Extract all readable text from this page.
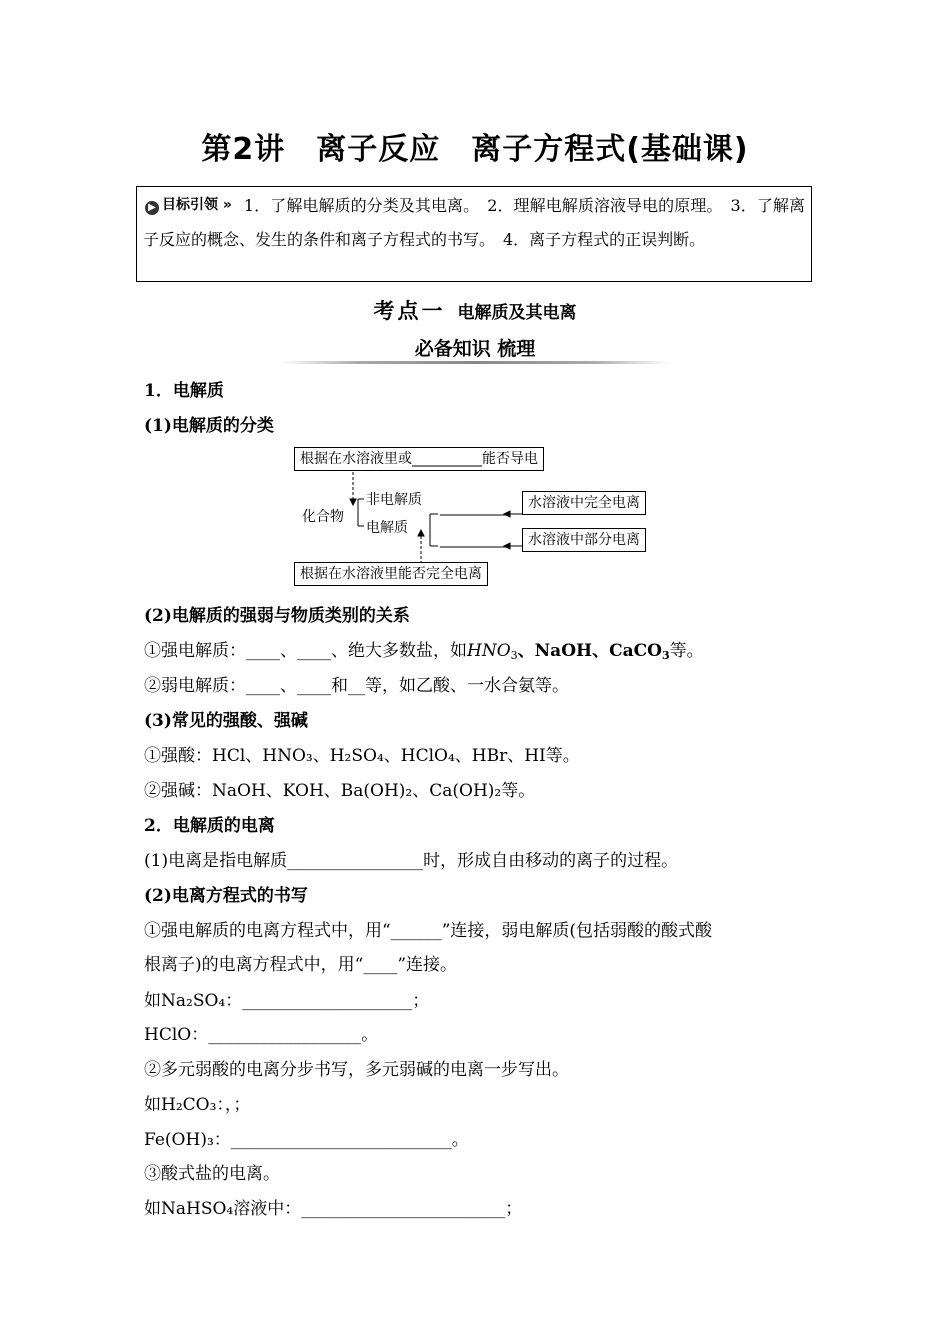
第2讲　离子反应　离子方程式(基础课)
▶ 目标引领 » 1．了解电解质的分类及其电离。　2．理解电解质溶液导电的原理。　3．了解离子反应的概念、发生的条件和离子方程式的书写。　4．离子方程式的正误判断。
考点一 电解质及其电离
必备知识 梳理
1．电解质
(1)电解质的分类
根据在水溶液里或__________能否导电
化合物
非电解质
电解质
__________
__________
水溶液中完全电离
水溶液中部分电离
根据在水溶液里能否完全电离
(2)电解质的强弱与物质类别的关系
①强电解质：____、____、绝大多数盐，如$HNO_3$、NaOH、CaCO$_3$等。
②弱电解质：____、____和__等，如乙酸、一水合氨等。
(3)常见的强酸、强碱
①强酸：HCl、HNO₃、H₂SO₄、HClO₄、HBr、HI等。
②强碱：NaOH、KOH、Ba(OH)₂、Ca(OH)₂等。
2．电解质的电离
(1)电离是指电解质________________时，形成自由移动的离子的过程。
(2)电离方程式的书写
①强电解质的电离方程式中，用“______”连接，弱电解质(包括弱酸的酸式酸
根离子)的电离方程式中，用“____”连接。
如Na₂SO₄：____________________；
HClO：__________________。
②多元弱酸的电离分步书写，多元弱碱的电离一步写出。
如H₂CO₃：，；
Fe(OH)₃：__________________________。
③酸式盐的电离。
如NaHSO₄溶液中：________________________；
